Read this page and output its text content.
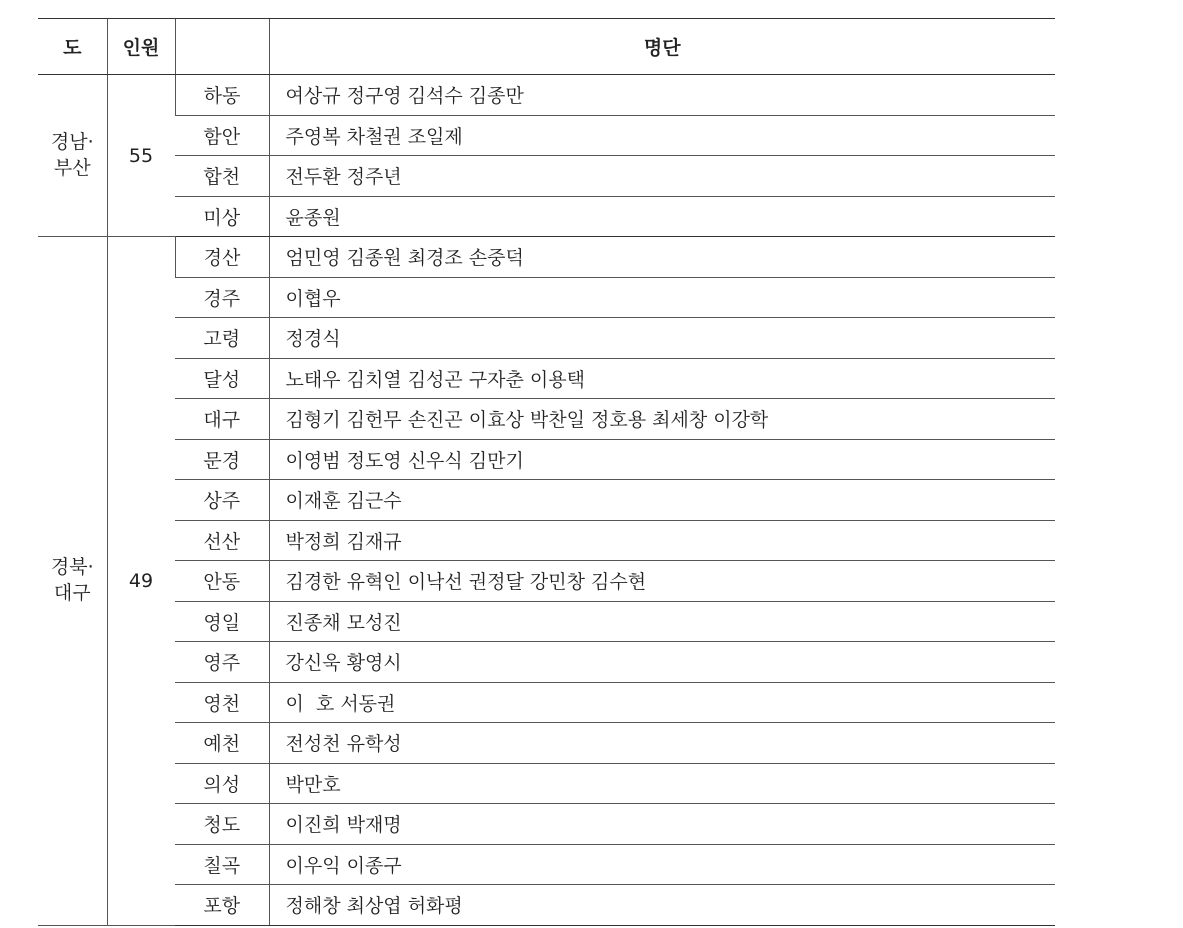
도	인원		명단

경남·
부산	55	하동	여상규 정구영 김석수 김종만
		함안	주영복 차철권 조일제
		합천	전두환 정주년
		미상	윤종원

경북·
대구	49	경산	엄민영 김종원 최경조 손중덕
		경주	이협우
		고령	정경식
		달성	노태우 김치열 김성곤 구자춘 이용택
		대구	김형기 김헌무 손진곤 이효상 박찬일 정호용 최세창 이강학
		문경	이영범 정도영 신우식 김만기
		상주	이재훈 김근수
		선산	박정희 김재규
		안동	김경한 유혁인 이낙선 권정달 강민창 김수현
		영일	진종채 모성진
		영주	강신욱 황영시
		영천	이  호 서동권
		예천	전성천 유학성
		의성	박만호
		청도	이진희 박재명
		칠곡	이우익 이종구
		포항	정해창 최상엽 허화평
